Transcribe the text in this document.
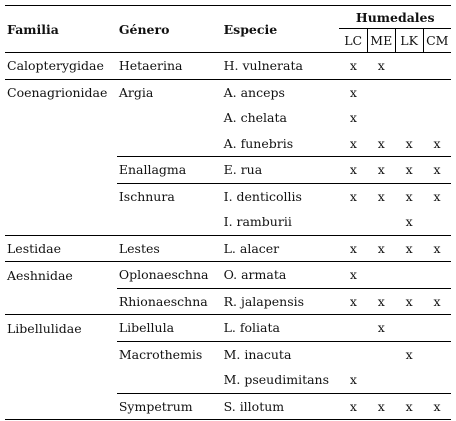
Familia	Género	Especie	Humedales			
			LC	ME	LK	CM
Calopterygidae	Hetaerina	H. vulnerata	x	x		
Coenagrionidae	Argia	A. anceps	x			
		A. chelata	x			
		A. funebris	x	x	x	x
	Enallagma	E. rua	x	x	x	x
	Ischnura	I. denticollis	x	x	x	x
		I. ramburii			x	
Lestidae	Lestes	L. alacer	x	x	x	x
Aeshnidae	Oplonaeschna	O. armata	x			
	Rhionaeschna	R. jalapensis	x	x	x	x
Libellulidae	Libellula	L. foliata		x		
	Macrothemis	M. inacuta			x	
		M. pseudimitans	x			
	Sympetrum	S. illotum	x	x	x	x
